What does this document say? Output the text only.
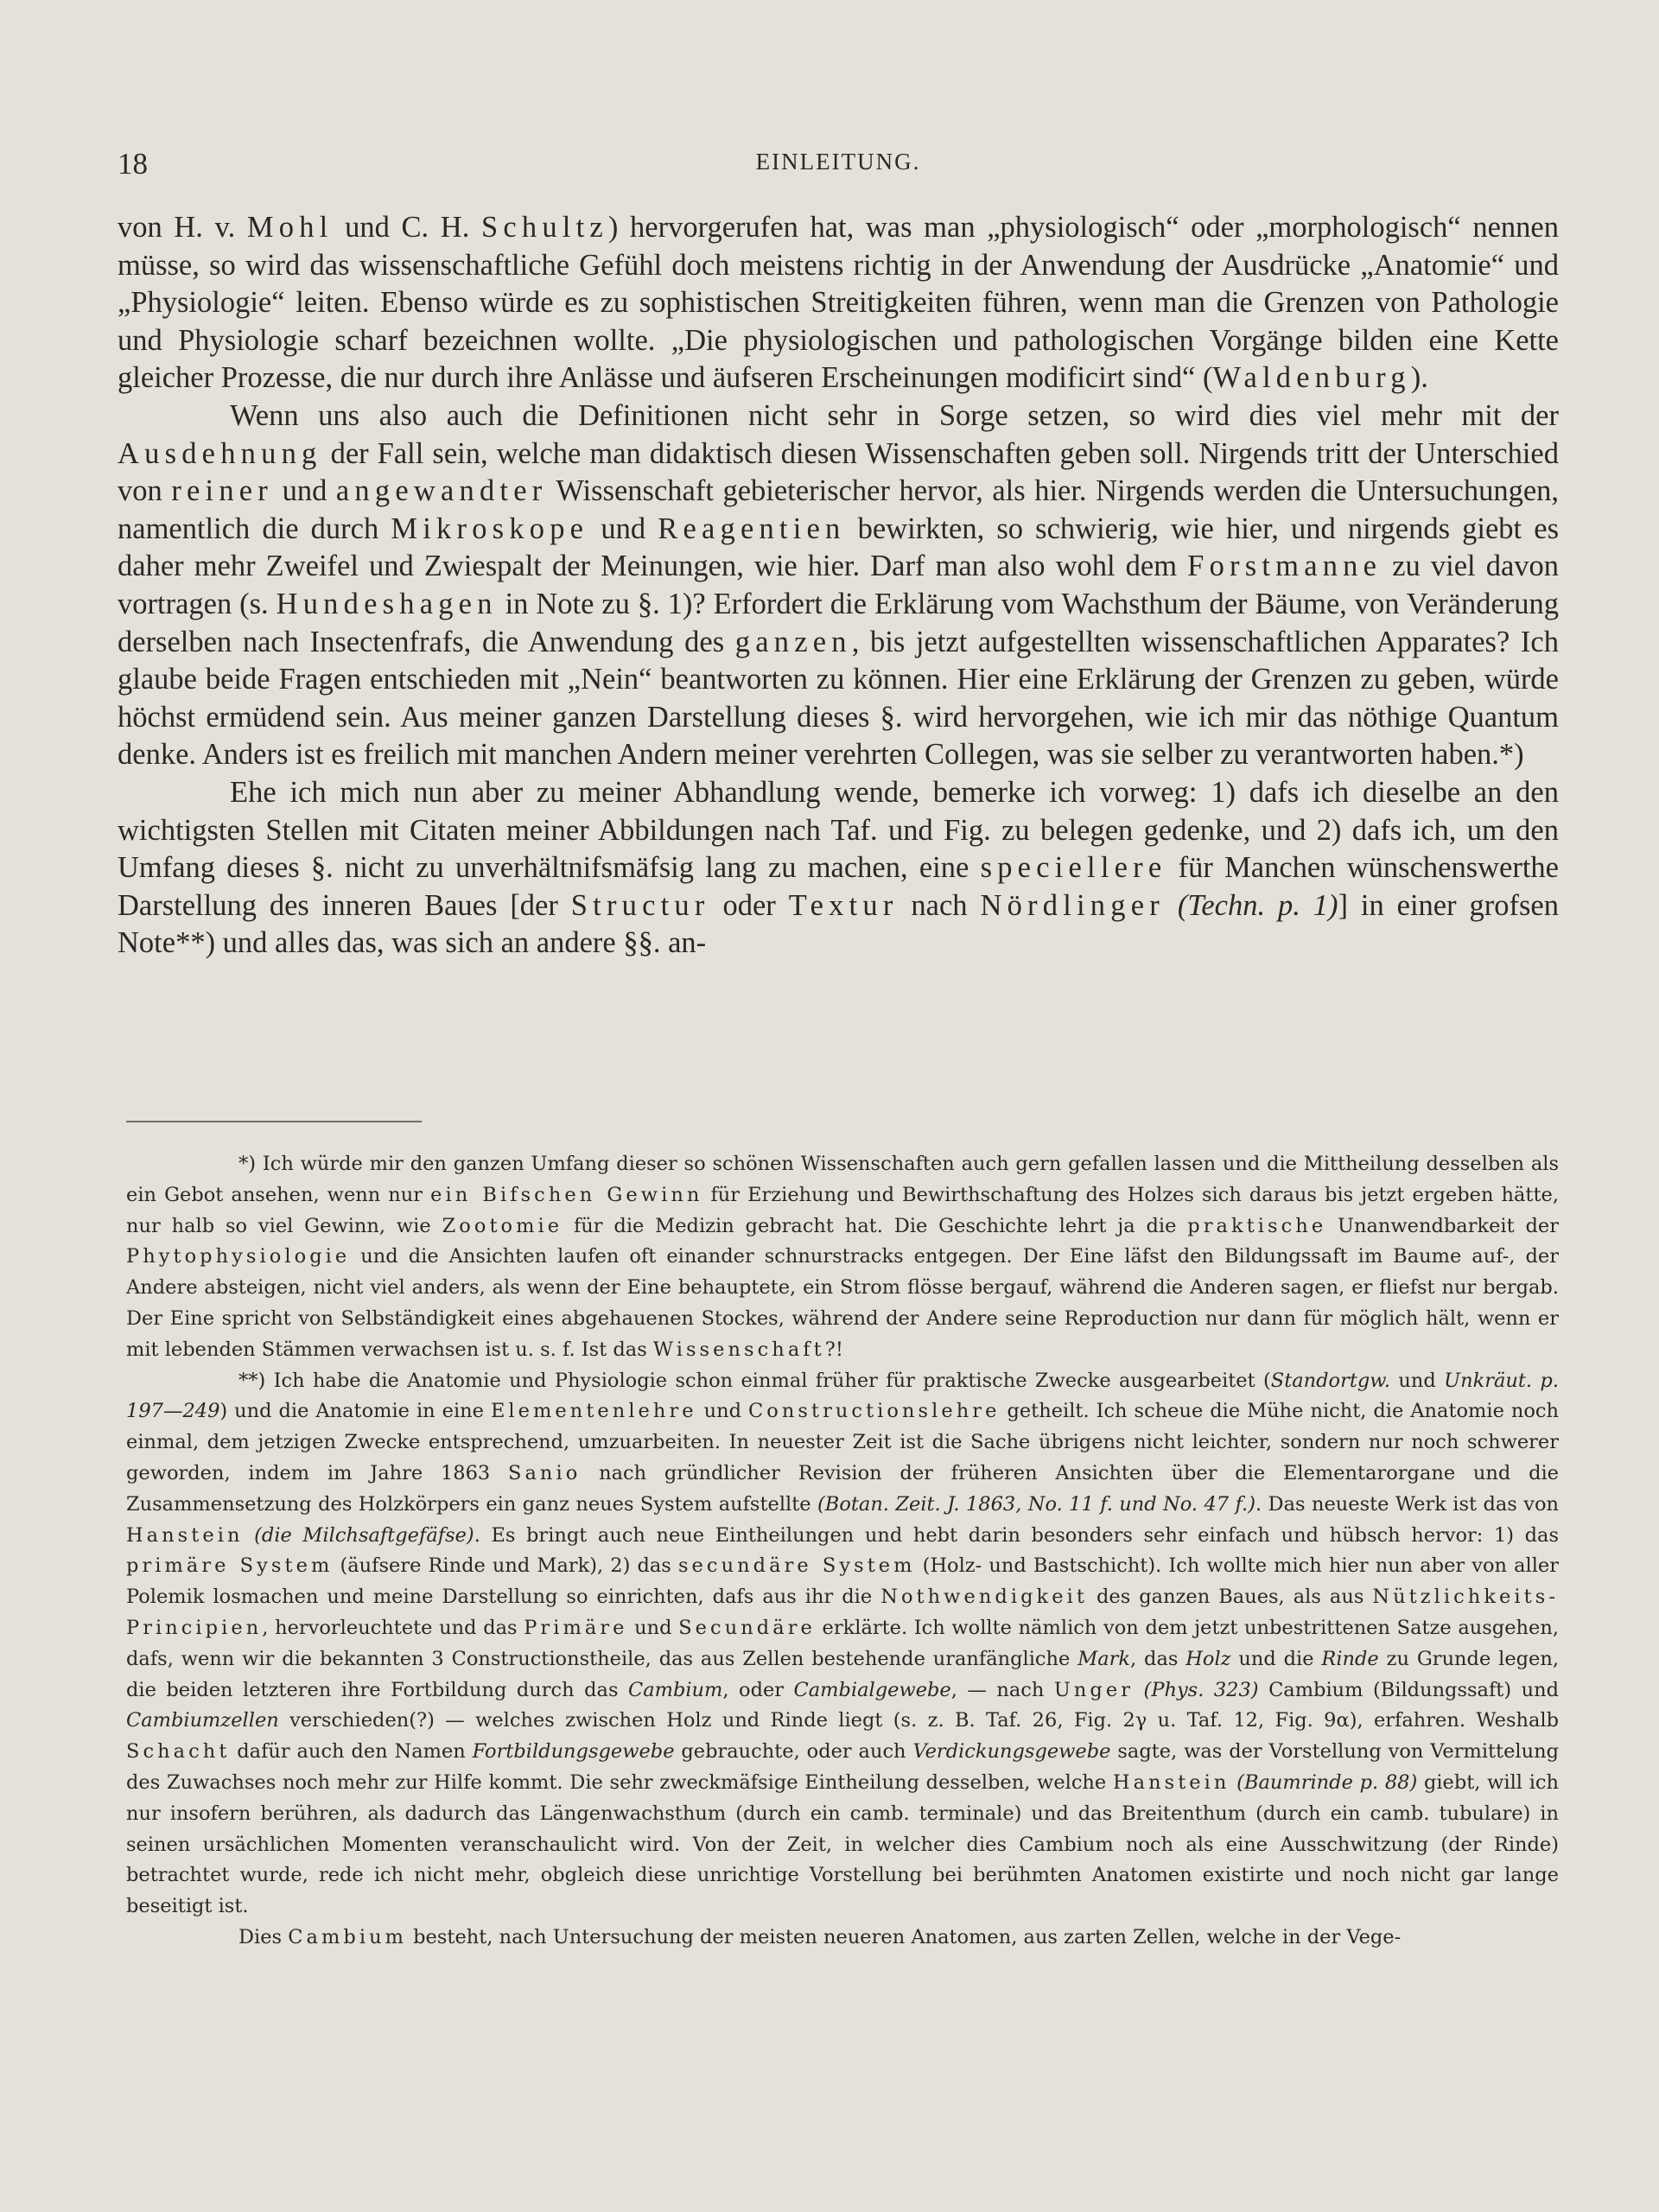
18	EINLEITUNG.

von H. v. Mohl und C. H. Schultz) hervorgerufen hat, was man „physiologisch“ oder „morphologisch“ nennen müsse, so wird das wissenschaftliche Gefühl doch meistens richtig in der Anwendung der Ausdrücke „Anatomie“ und „Physiologie“ leiten. Ebenso würde es zu sophistischen Streitigkeiten führen, wenn man die Grenzen von Pathologie und Physiologie scharf bezeichnen wollte. „Die physiologischen und pathologischen Vorgänge bilden eine Kette gleicher Prozesse, die nur durch ihre Anlässe und äufseren Erscheinungen modificirt sind“ (Waldenburg).

Wenn uns also auch die Definitionen nicht sehr in Sorge setzen, so wird dies viel mehr mit der Ausdehnung der Fall sein, welche man didaktisch diesen Wissenschaften geben soll. Nirgends tritt der Unterschied von reiner und angewandter Wissenschaft gebieterischer hervor, als hier. Nirgends werden die Untersuchungen, namentlich die durch Mikroskope und Reagentien bewirkten, so schwierig, wie hier, und nirgends giebt es daher mehr Zweifel und Zwiespalt der Meinungen, wie hier. Darf man also wohl dem Forstmanne zu viel davon vortragen (s. Hundeshagen in Note zu §. 1)? Erfordert die Erklärung vom Wachsthum der Bäume, von Veränderung derselben nach Insectenfrafs, die Anwendung des ganzen, bis jetzt aufgestellten wissenschaftlichen Apparates? Ich glaube beide Fragen entschieden mit „Nein“ beantworten zu können. Hier eine Erklärung der Grenzen zu geben, würde höchst ermüdend sein. Aus meiner ganzen Darstellung dieses §. wird hervorgehen, wie ich mir das nöthige Quantum denke. Anders ist es freilich mit manchen Andern meiner verehrten Collegen, was sie selber zu verantworten haben.*)

Ehe ich mich nun aber zu meiner Abhandlung wende, bemerke ich vorweg: 1) dafs ich dieselbe an den wichtigsten Stellen mit Citaten meiner Abbildungen nach Taf. und Fig. zu belegen gedenke, und 2) dafs ich, um den Umfang dieses §. nicht zu unverhältnifsmäfsig lang zu machen, eine speciellere für Manchen wünschenswerthe Darstellung des inneren Baues [der Structur oder Textur nach Nördlinger (Techn. p. 1)] in einer grofsen Note**) und alles das, was sich an andere §§. an-

*) Ich würde mir den ganzen Umfang dieser so schönen Wissenschaften auch gern gefallen lassen und die Mittheilung desselben als ein Gebot ansehen, wenn nur ein Bifschen Gewinn für Erziehung und Bewirthschaftung des Holzes sich daraus bis jetzt ergeben hätte, nur halb so viel Gewinn, wie Zootomie für die Medizin gebracht hat. Die Geschichte lehrt ja die praktische Unanwendbarkeit der Phytophysiologie und die Ansichten laufen oft einander schnurstracks entgegen. Der Eine läfst den Bildungssaft im Baume auf-, der Andere absteigen, nicht viel anders, als wenn der Eine behauptete, ein Strom flösse bergauf, während die Anderen sagen, er fliefst nur bergab. Der Eine spricht von Selbständigkeit eines abgehauenen Stockes, während der Andere seine Reproduction nur dann für möglich hält, wenn er mit lebenden Stämmen verwachsen ist u. s. f. Ist das Wissenschaft?!

**) Ich habe die Anatomie und Physiologie schon einmal früher für praktische Zwecke ausgearbeitet (Standortgw. und Unkräut. p. 197—249) und die Anatomie in eine Elementenlehre und Constructionslehre getheilt. Ich scheue die Mühe nicht, die Anatomie noch einmal, dem jetzigen Zwecke entsprechend, umzuarbeiten. In neuester Zeit ist die Sache übrigens nicht leichter, sondern nur noch schwerer geworden, indem im Jahre 1863 Sanio nach gründlicher Revision der früheren Ansichten über die Elementarorgane und die Zusammensetzung des Holzkörpers ein ganz neues System aufstellte (Botan. Zeit. J. 1863, No. 11 f. und No. 47 f.). Das neueste Werk ist das von Hanstein (die Milchsaftgefäfse). Es bringt auch neue Eintheilungen und hebt darin besonders sehr einfach und hübsch hervor: 1) das primäre System (äufsere Rinde und Mark), 2) das secundäre System (Holz- und Bastschicht). Ich wollte mich hier nun aber von aller Polemik losmachen und meine Darstellung so einrichten, dafs aus ihr die Nothwendigkeit des ganzen Baues, als aus Nützlichkeits-Principien, hervorleuchtete und das Primäre und Secundäre erklärte. Ich wollte nämlich von dem jetzt unbestrittenen Satze ausgehen, dafs, wenn wir die bekannten 3 Constructionstheile, das aus Zellen bestehende uranfängliche Mark, das Holz und die Rinde zu Grunde legen, die beiden letzteren ihre Fortbildung durch das Cambium, oder Cambialgewebe, — nach Unger (Phys. 323) Cambium (Bildungssaft) und Cambiumzellen verschieden(?) — welches zwischen Holz und Rinde liegt (s. z. B. Taf. 26, Fig. 2γ u. Taf. 12, Fig. 9α), erfahren. Weshalb Schacht dafür auch den Namen Fortbildungsgewebe gebrauchte, oder auch Verdickungsgewebe sagte, was der Vorstellung von Vermittelung des Zuwachses noch mehr zur Hilfe kommt. Die sehr zweckmäfsige Eintheilung desselben, welche Hanstein (Baumrinde p. 88) giebt, will ich nur insofern berühren, als dadurch das Längenwachsthum (durch ein camb. terminale) und das Breitenthum (durch ein camb. tubulare) in seinen ursächlichen Momenten veranschaulicht wird. Von der Zeit, in welcher dies Cambium noch als eine Ausschwitzung (der Rinde) betrachtet wurde, rede ich nicht mehr, obgleich diese unrichtige Vorstellung bei berühmten Anatomen existirte und noch nicht gar lange beseitigt ist.

Dies Cambium besteht, nach Untersuchung der meisten neueren Anatomen, aus zarten Zellen, welche in der Vege-
